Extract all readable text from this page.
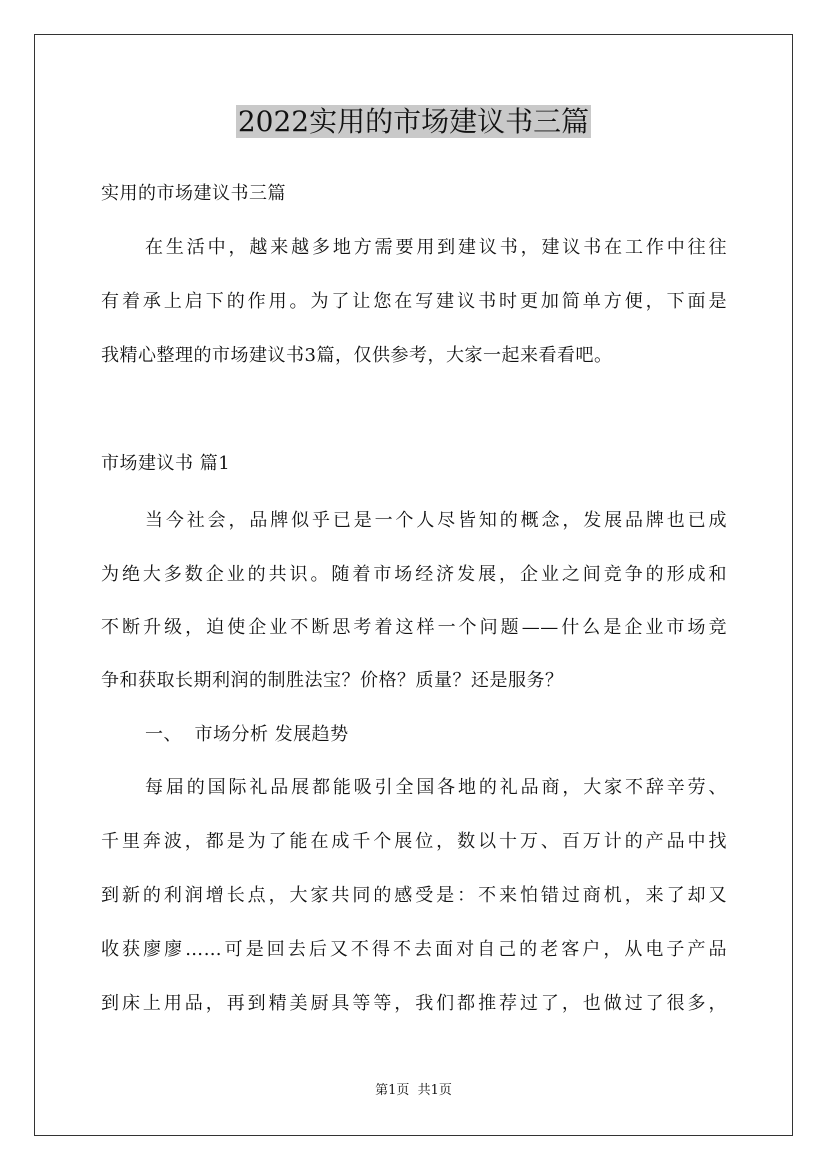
2022实用的市场建议书三篇
实用的市场建议书三篇
在生活中，越来越多地方需要用到建议书，建议书在工作中往往
有着承上启下的作用。为了让您在写建议书时更加简单方便，下面是
我精心整理的市场建议书3篇，仅供参考，大家一起来看看吧。
市场建议书 篇1
当今社会，品牌似乎已是一个人尽皆知的概念，发展品牌也已成
为绝大多数企业的共识。随着市场经济发展，企业之间竞争的形成和
不断升级，迫使企业不断思考着这样一个问题——什么是企业市场竞
争和获取长期利润的制胜法宝？价格？质量？还是服务？
一、  市场分析 发展趋势
每届的国际礼品展都能吸引全国各地的礼品商，大家不辞辛劳、
千里奔波，都是为了能在成千个展位，数以十万、百万计的产品中找
到新的利润增长点，大家共同的感受是：不来怕错过商机，来了却又
收获廖廖……可是回去后又不得不去面对自己的老客户，从电子产品
到床上用品，再到精美厨具等等，我们都推荐过了，也做过了很多，
第1页  共1页
